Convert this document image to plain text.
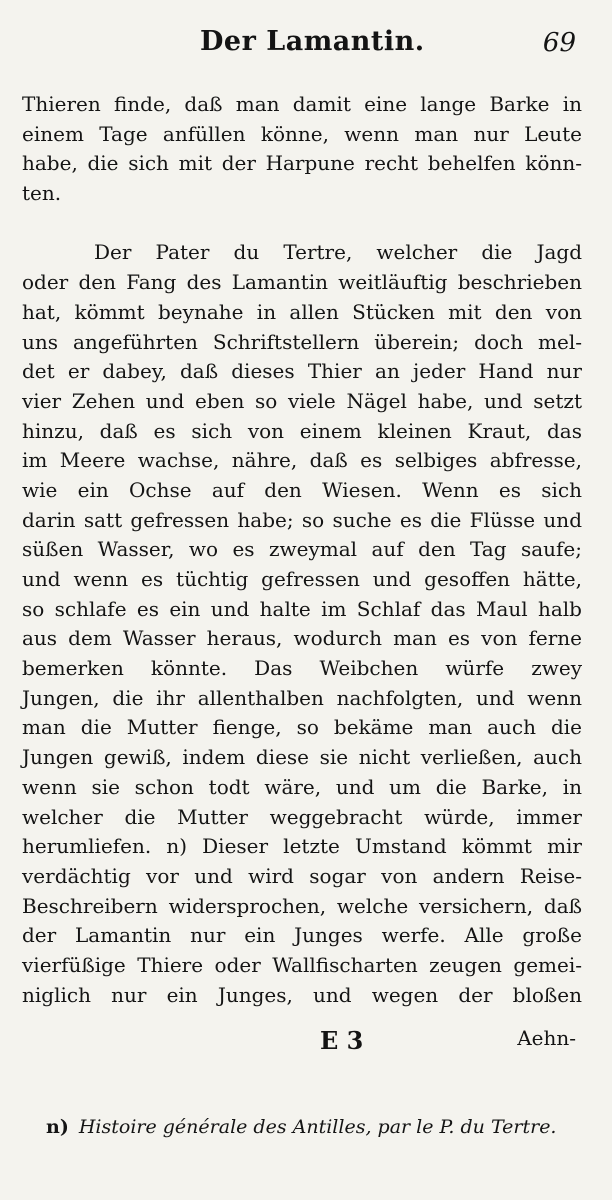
Der Lamantin.	69
Thieren finde, daß man damit eine lange Barke in
einem Tage anfüllen könne, wenn man nur Leute
habe, die sich mit der Harpune recht behelfen könn-
ten.
Der Pater du Tertre, welcher die Jagd
oder den Fang des Lamantin weitläuftig beschrieben
hat, kömmt beynahe in allen Stücken mit den von
uns angeführten Schriftstellern überein; doch mel-
det er dabey, daß dieses Thier an jeder Hand nur
vier Zehen und eben so viele Nägel habe, und setzt
hinzu, daß es sich von einem kleinen Kraut, das
im Meere wachse, nähre, daß es selbiges abfresse,
wie ein Ochse auf den Wiesen. Wenn es sich
darin satt gefressen habe; so suche es die Flüsse und
süßen Wasser, wo es zweymal auf den Tag saufe;
und wenn es tüchtig gefressen und gesoffen hätte,
so schlafe es ein und halte im Schlaf das Maul halb
aus dem Wasser heraus, wodurch man es von ferne
bemerken könnte. Das Weibchen würfe zwey
Jungen, die ihr allenthalben nachfolgten, und wenn
man die Mutter fienge, so bekäme man auch die
Jungen gewiß, indem diese sie nicht verließen, auch
wenn sie schon todt wäre, und um die Barke, in
welcher die Mutter weggebracht würde, immer
herumliefen. n) Dieser letzte Umstand kömmt mir
verdächtig vor und wird sogar von andern Reise-
Beschreibern widersprochen, welche versichern, daß
der Lamantin nur ein Junges werfe. Alle große
vierfüßige Thiere oder Wallfischarten zeugen gemei-
niglich nur ein Junges, und wegen der bloßen
E 3	Aehn-
n) Histoire générale des Antilles, par le P. du Tertre.
